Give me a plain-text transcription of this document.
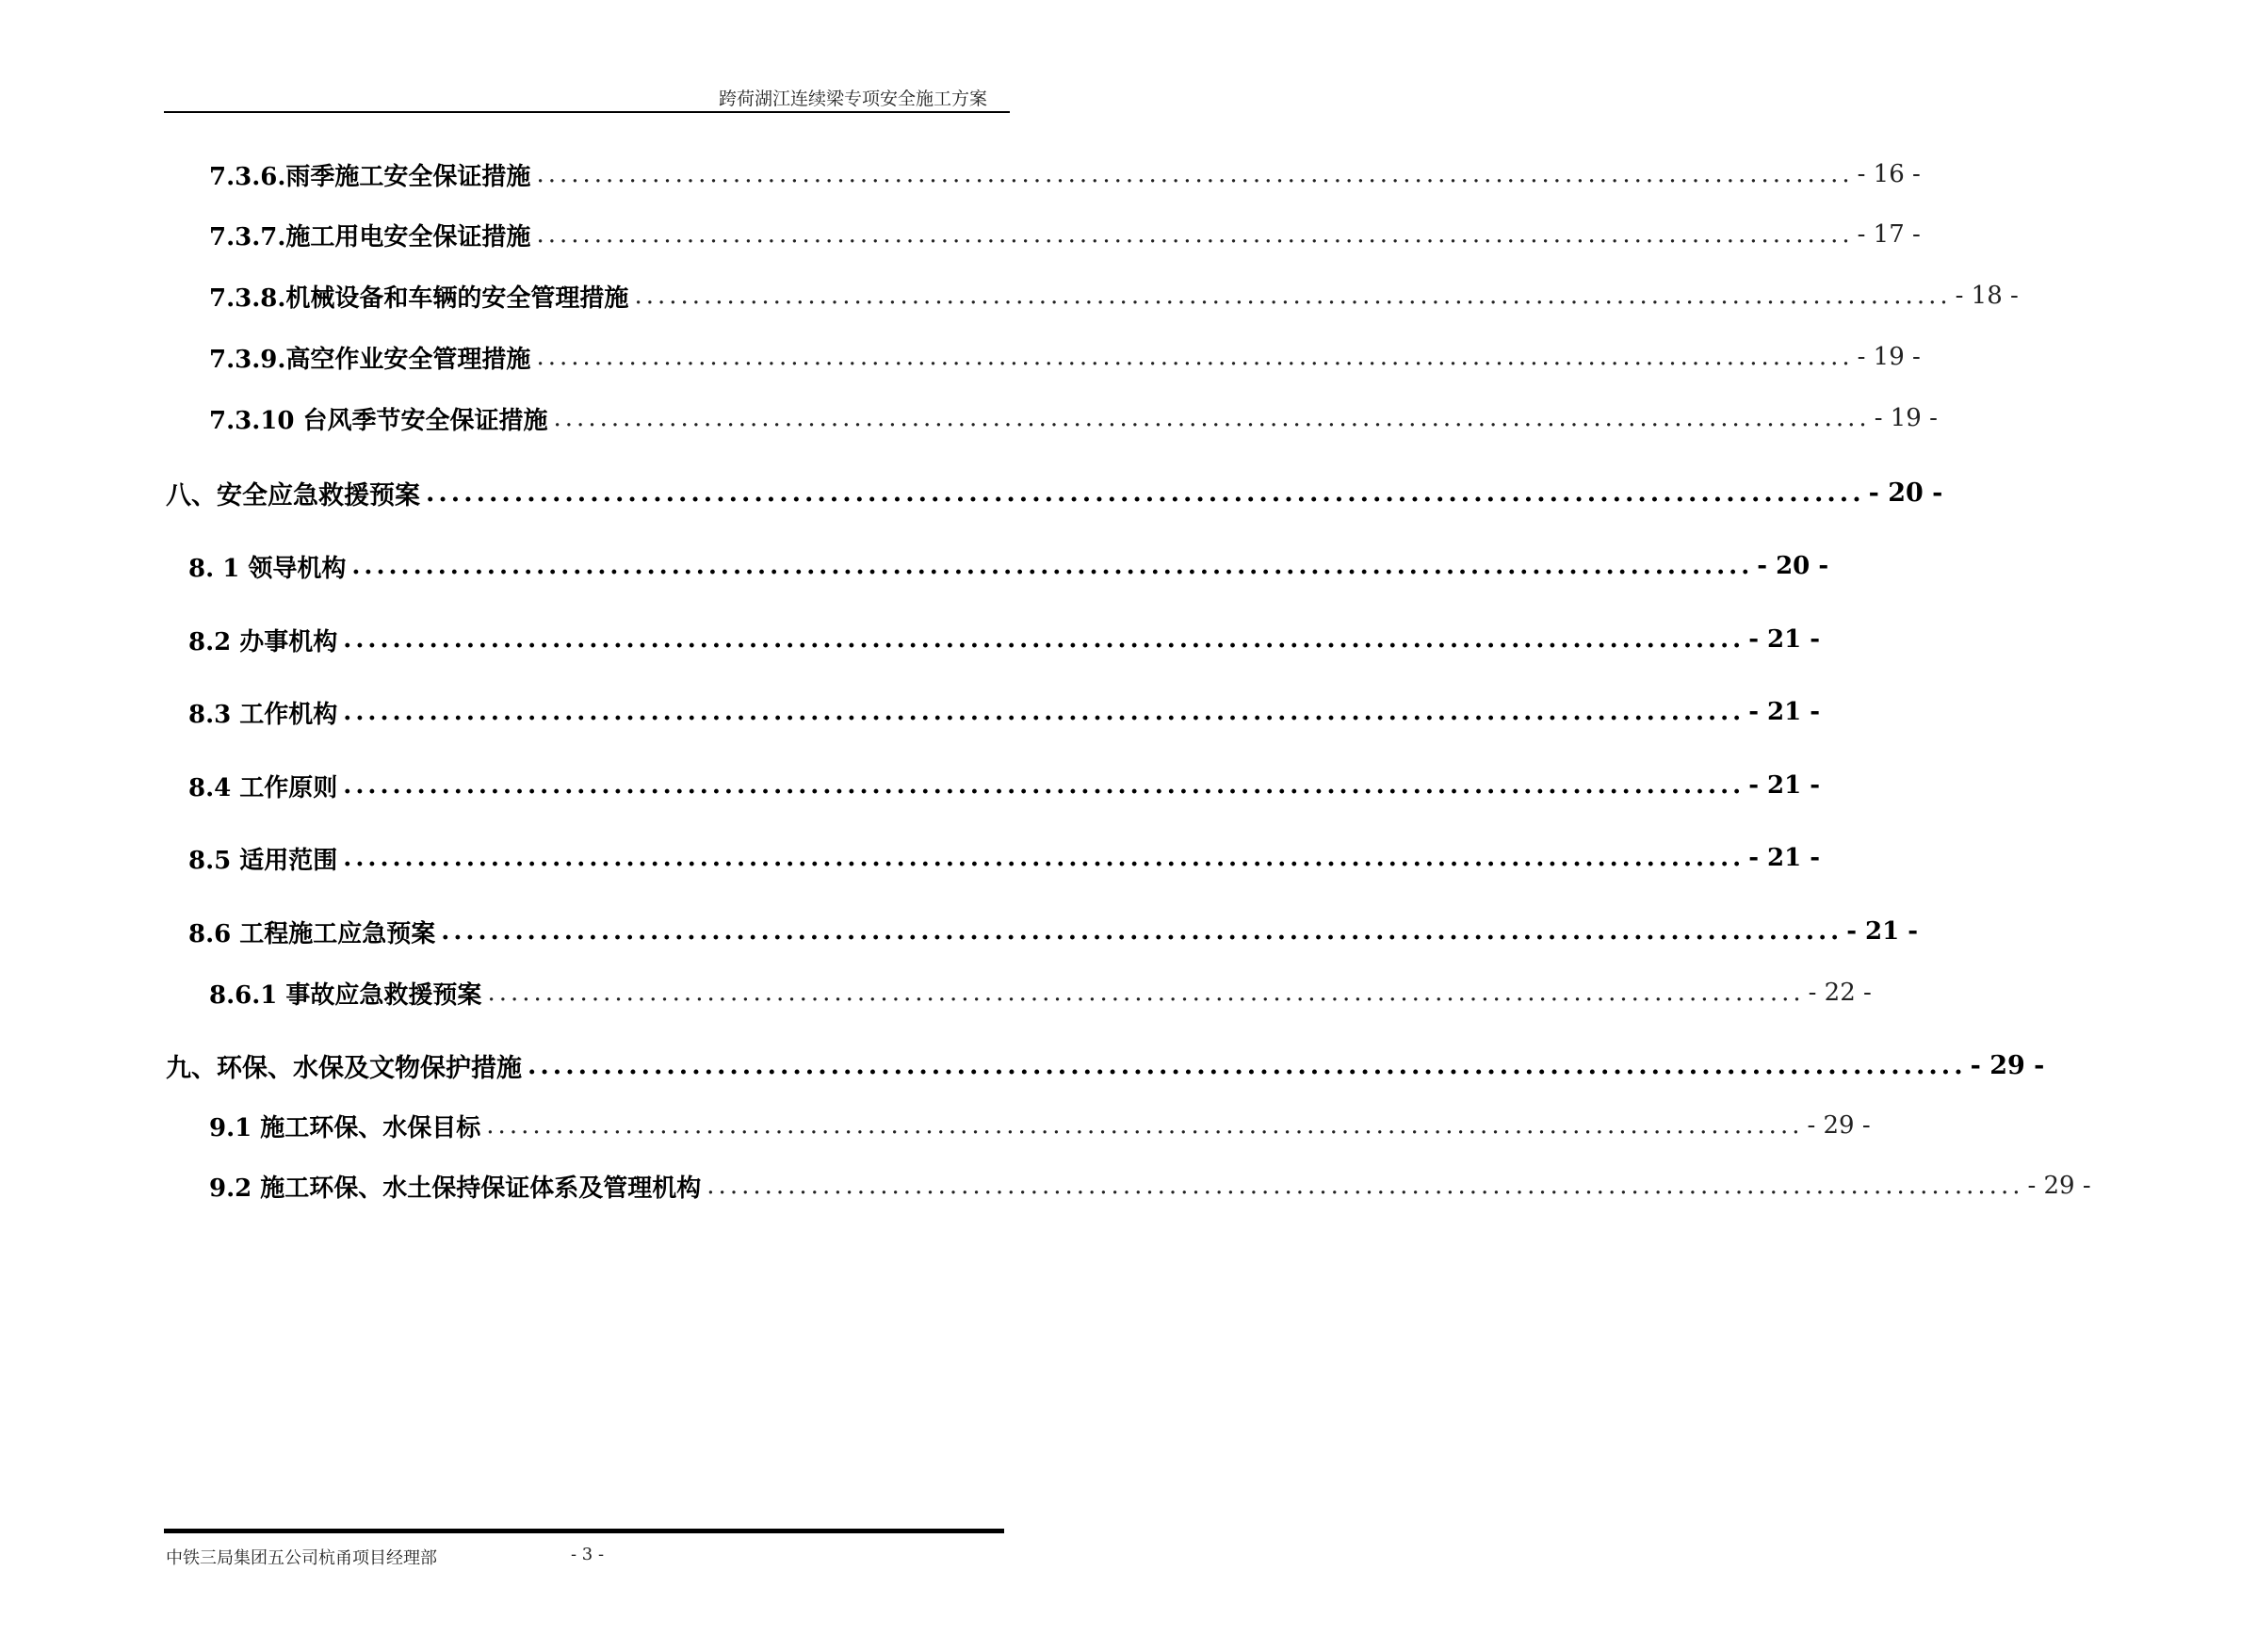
跨荷湖江连续梁专项安全施工方案
7.3.6.雨季施工安全保证措施 .................................................................................................................. - 16 -
7.3.7.施工用电安全保证措施 .................................................................................................................. - 17 -
7.3.8.机械设备和车辆的安全管理措施 .................................................................................................................. - 18 -
7.3.9.高空作业安全管理措施 .................................................................................................................. - 19 -
7.3.10 台风季节安全保证措施 .................................................................................................................. - 19 -
八、安全应急救援预案 .................................................................................................................. - 20 -
8. 1 领导机构 .................................................................................................................. - 20 -
8.2 办事机构 .................................................................................................................. - 21 -
8.3 工作机构 .................................................................................................................. - 21 -
8.4 工作原则 .................................................................................................................. - 21 -
8.5 适用范围 .................................................................................................................. - 21 -
8.6 工程施工应急预案 .................................................................................................................. - 21 -
8.6.1 事故应急救援预案 .................................................................................................................. - 22 -
九、环保、水保及文物保护措施 .................................................................................................................. - 29 -
9.1 施工环保、水保目标 .................................................................................................................. - 29 -
9.2 施工环保、水土保持保证体系及管理机构 .................................................................................................................. - 29 -
中铁三局集团五公司杭甬项目经理部	- 3 -
